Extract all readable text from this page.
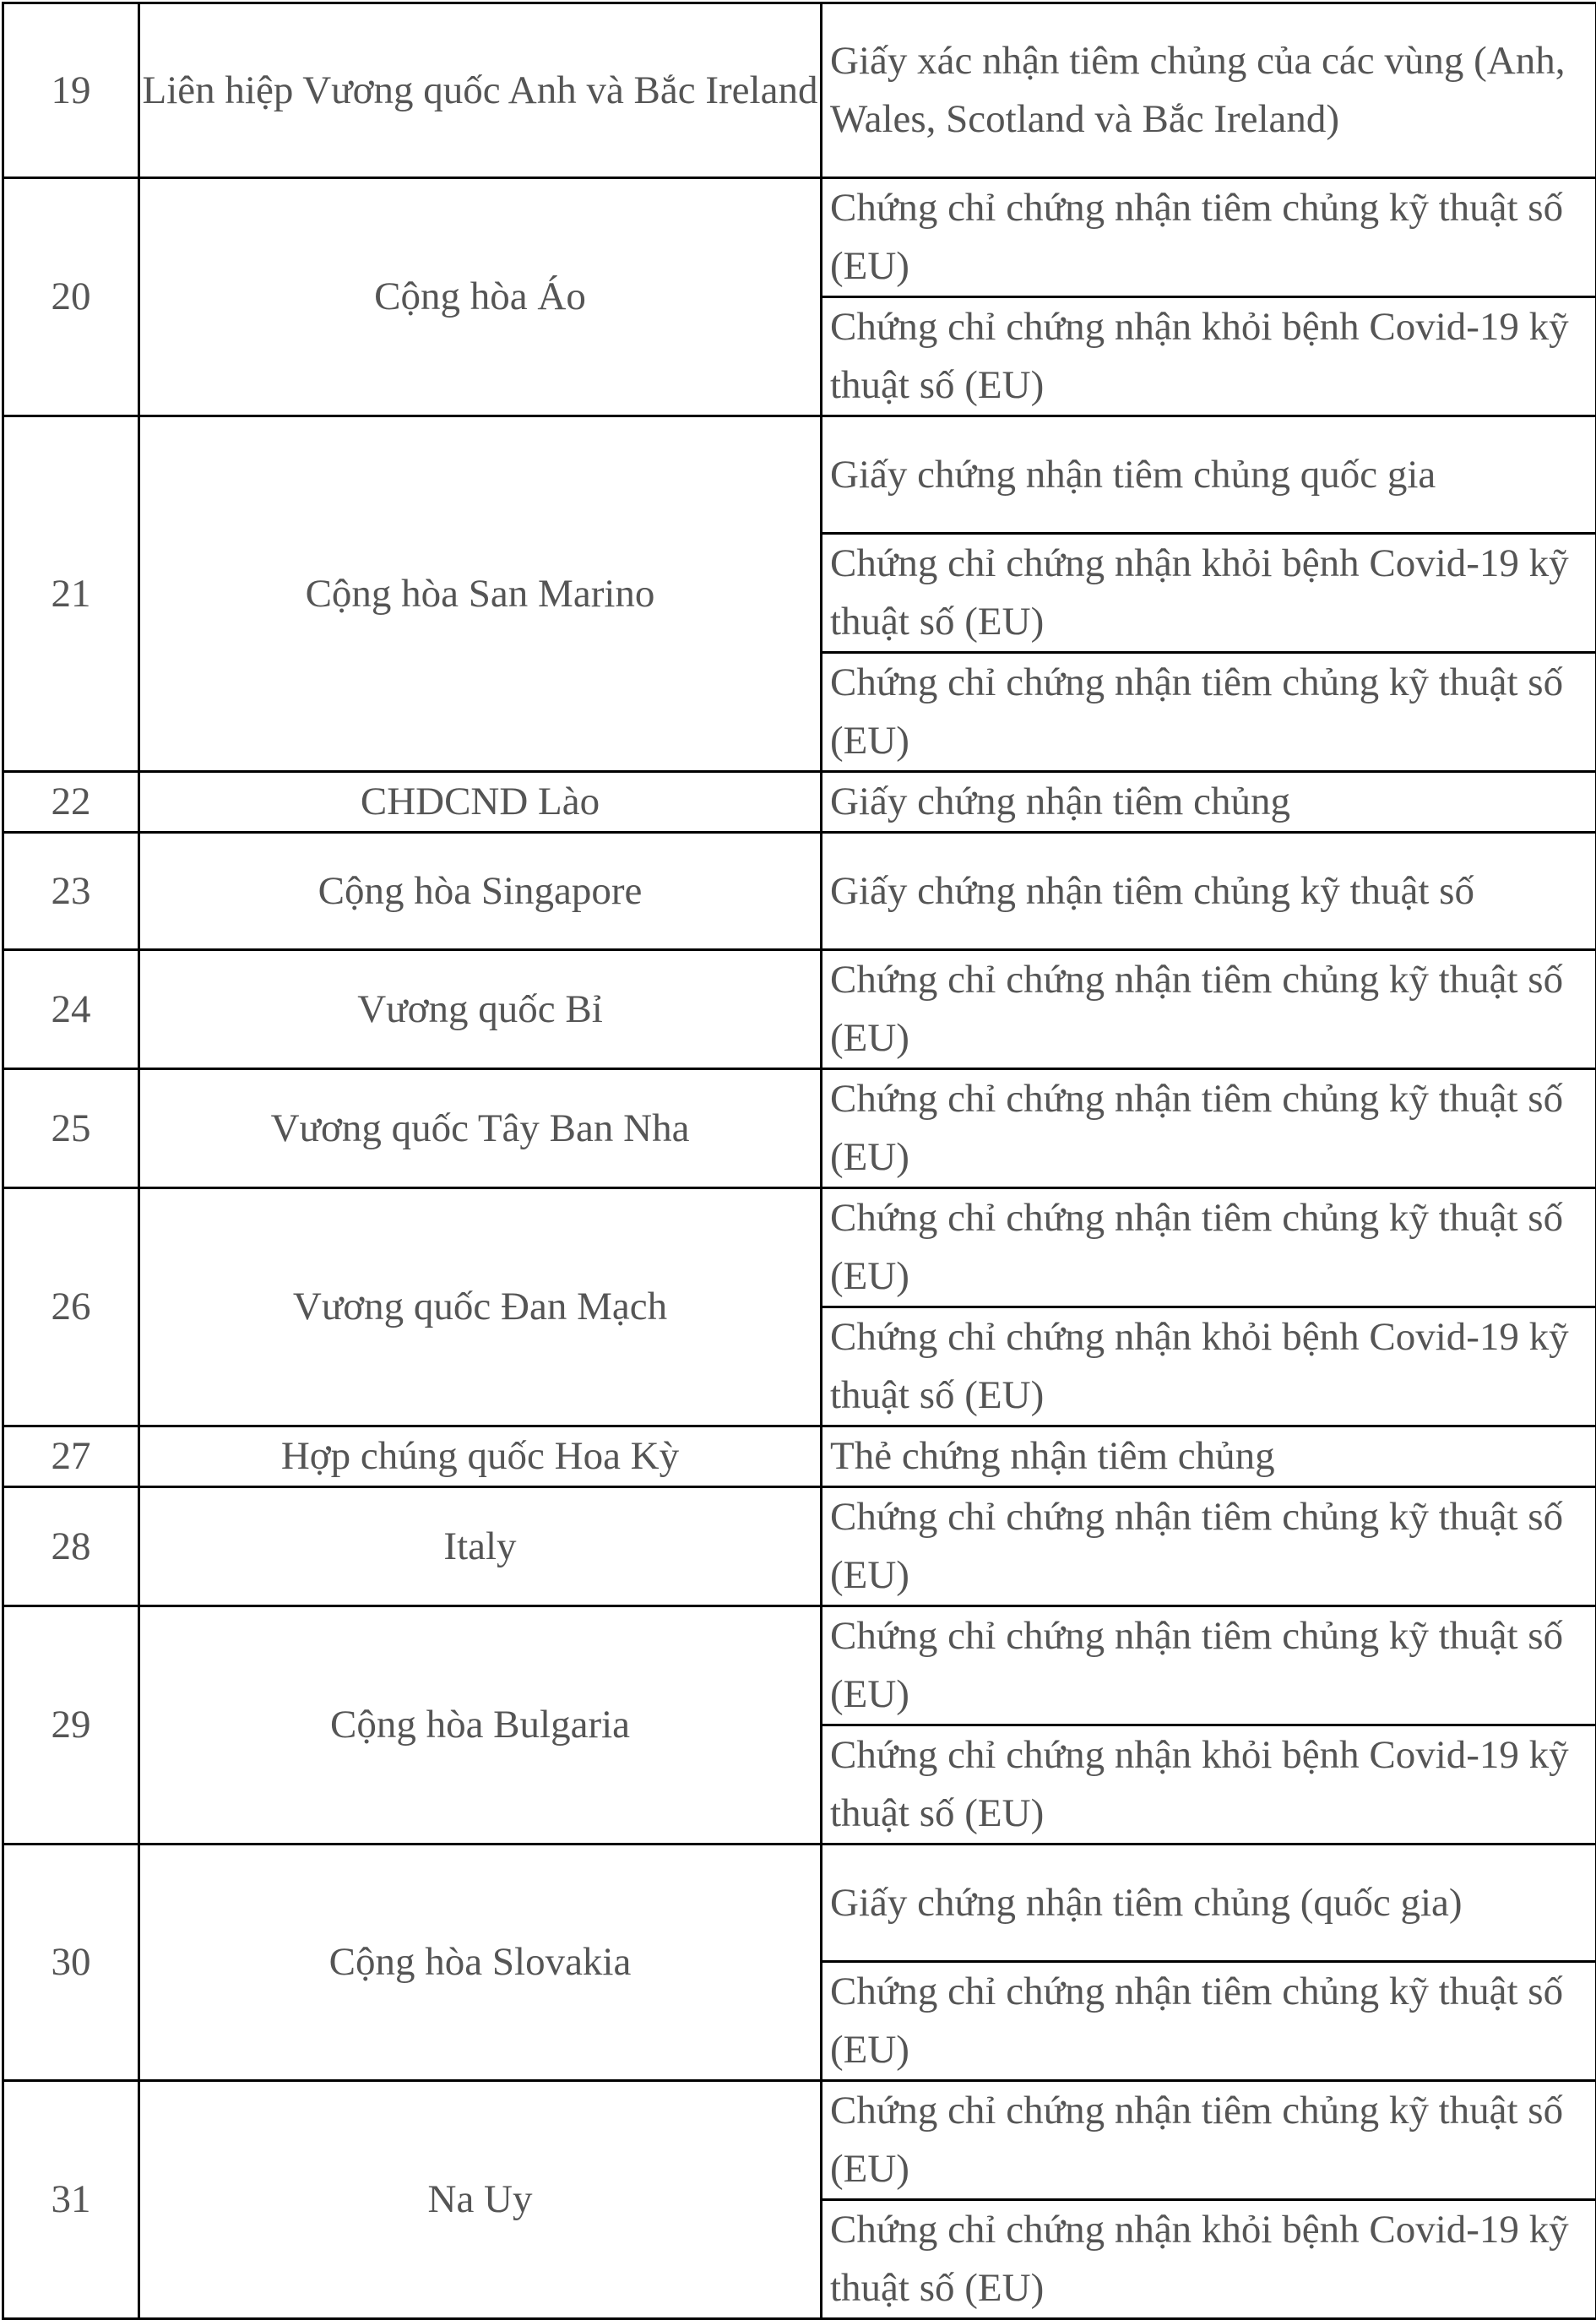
19	Liên hiệp Vương quốc Anh và Bắc Ireland	Giấy xác nhận tiêm chủng của các vùng (Anh, Wales, Scotland và Bắc Ireland)
20	Cộng hòa Áo	Chứng chỉ chứng nhận tiêm chủng kỹ thuật số (EU)
		Chứng chỉ chứng nhận khỏi bệnh Covid-19 kỹ thuật số (EU)
21	Cộng hòa San Marino	Giấy chứng nhận tiêm chủng quốc gia
		Chứng chỉ chứng nhận khỏi bệnh Covid-19 kỹ thuật số (EU)
		Chứng chỉ chứng nhận tiêm chủng kỹ thuật số (EU)
22	CHDCND Lào	Giấy chứng nhận tiêm chủng
23	Cộng hòa Singapore	Giấy chứng nhận tiêm chủng kỹ thuật số
24	Vương quốc Bỉ	Chứng chỉ chứng nhận tiêm chủng kỹ thuật số (EU)
25	Vương quốc Tây Ban Nha	Chứng chỉ chứng nhận tiêm chủng kỹ thuật số (EU)
26	Vương quốc Đan Mạch	Chứng chỉ chứng nhận tiêm chủng kỹ thuật số (EU)
		Chứng chỉ chứng nhận khỏi bệnh Covid-19 kỹ thuật số (EU)
27	Hợp chúng quốc Hoa Kỳ	Thẻ chứng nhận tiêm chủng
28	Italy	Chứng chỉ chứng nhận tiêm chủng kỹ thuật số (EU)
29	Cộng hòa Bulgaria	Chứng chỉ chứng nhận tiêm chủng kỹ thuật số (EU)
		Chứng chỉ chứng nhận khỏi bệnh Covid-19 kỹ thuật số (EU)
30	Cộng hòa Slovakia	Giấy chứng nhận tiêm chủng (quốc gia)
		Chứng chỉ chứng nhận tiêm chủng kỹ thuật số (EU)
31	Na Uy	Chứng chỉ chứng nhận tiêm chủng kỹ thuật số (EU)
		Chứng chỉ chứng nhận khỏi bệnh Covid-19 kỹ thuật số (EU)
